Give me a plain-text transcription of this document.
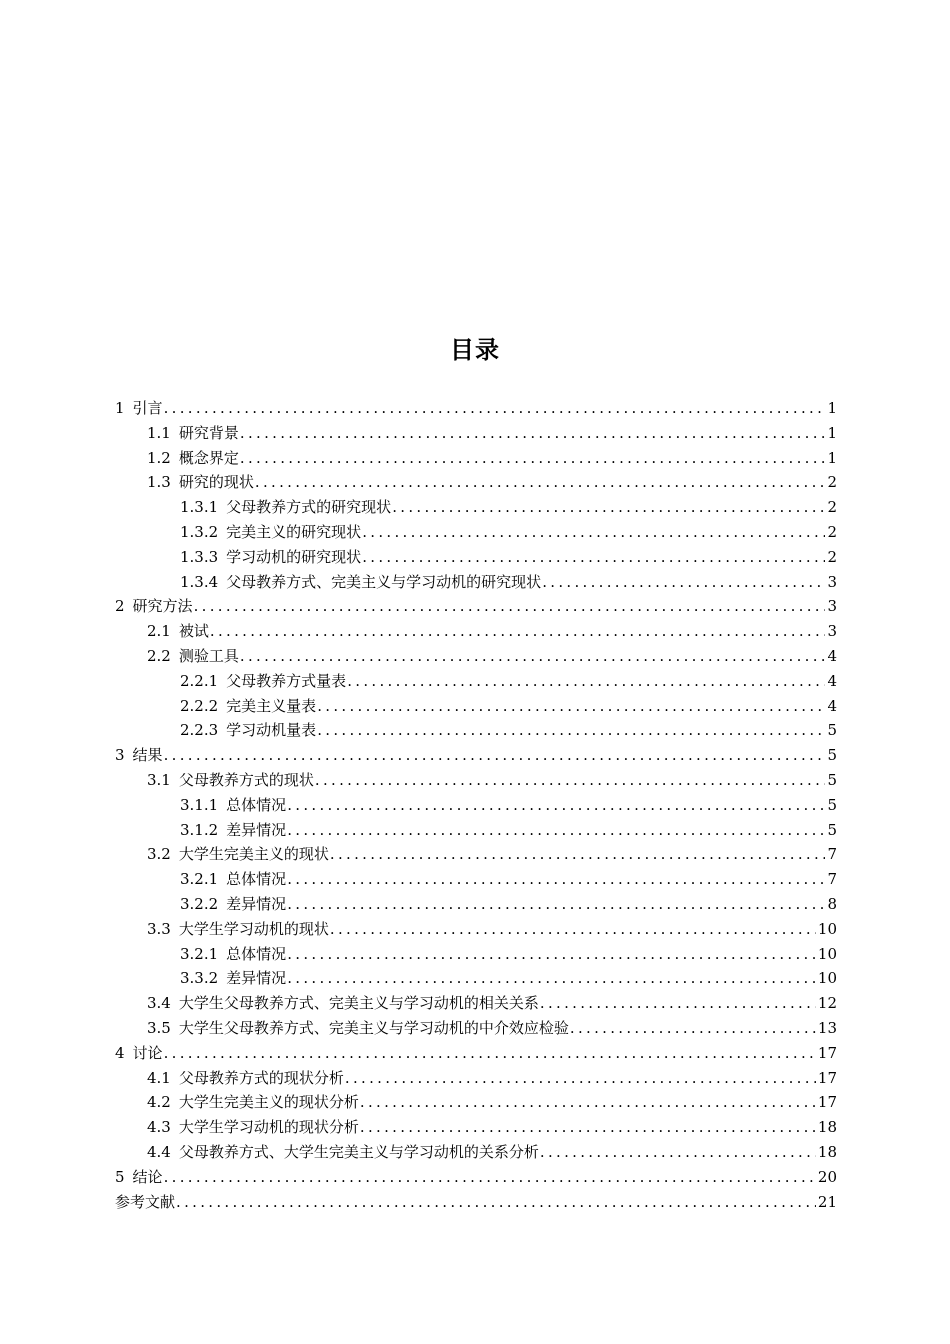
目录
1 引言 .....	1
1.1 研究背景 .....	1
1.2 概念界定 .....	1
1.3 研究的现状 .....	2
1.3.1 父母教养方式的研究现状 .....	2
1.3.2 完美主义的研究现状 .....	2
1.3.3 学习动机的研究现状 .....	2
1.3.4 父母教养方式、完美主义与学习动机的研究现状 .....	3
2 研究方法 .....	3
2.1 被试 .....	3
2.2 测验工具 .....	4
2.2.1 父母教养方式量表 .....	4
2.2.2 完美主义量表 .....	4
2.2.3 学习动机量表 .....	5
3 结果 .....	5
3.1 父母教养方式的现状 .....	5
3.1.1 总体情况 .....	5
3.1.2 差异情况 .....	5
3.2 大学生完美主义的现状 .....	7
3.2.1 总体情况 .....	7
3.2.2 差异情况 .....	8
3.3 大学生学习动机的现状 .....	10
3.2.1 总体情况 .....	10
3.3.2 差异情况 .....	10
3.4 大学生父母教养方式、完美主义与学习动机的相关关系 .....	12
3.5 大学生父母教养方式、完美主义与学习动机的中介效应检验 .....	13
4 讨论 .....	17
4.1 父母教养方式的现状分析 .....	17
4.2 大学生完美主义的现状分析 .....	17
4.3 大学生学习动机的现状分析 .....	18
4.4 父母教养方式、大学生完美主义与学习动机的关系分析 .....	18
5 结论 .....	20
参考文献 .....	21
